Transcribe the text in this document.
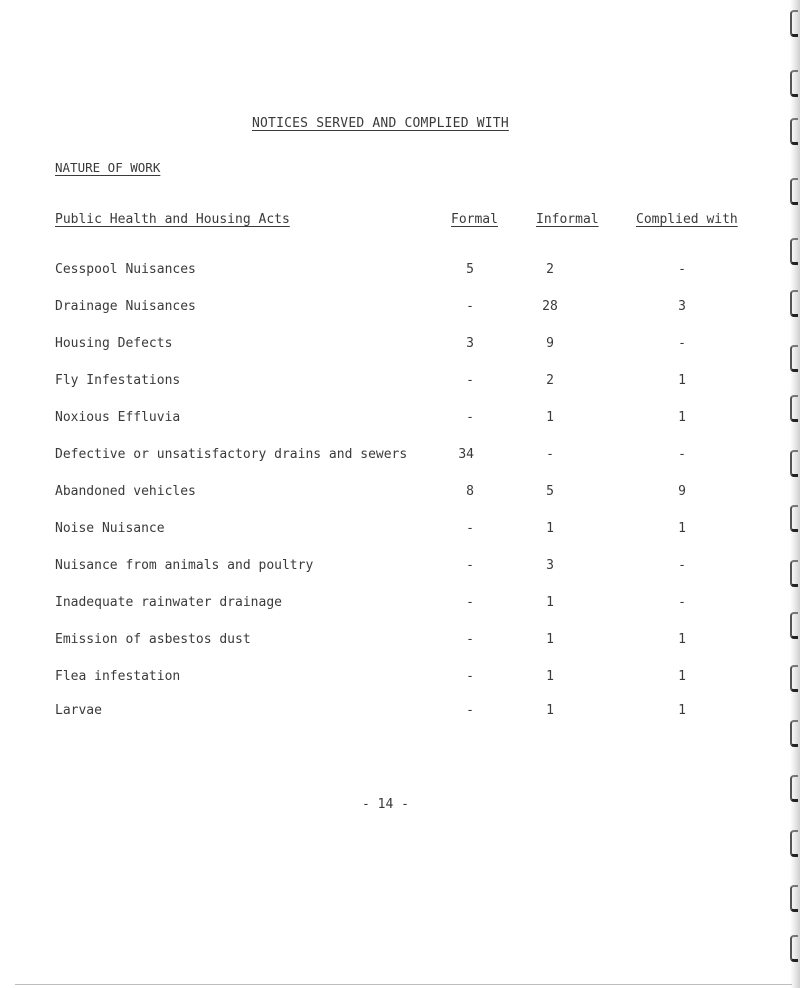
NOTICES SERVED AND COMPLIED WITH
NATURE OF WORK
Public Health and Housing Acts	Formal	Informal	Complied with
Cesspool Nuisances	5	2	-
Drainage Nuisances	-	28	3
Housing Defects	3	9	-
Fly Infestations	-	2	1
Noxious Effluvia	-	1	1
Defective or unsatisfactory drains and sewers	34	-	-
Abandoned vehicles	8	5	9
Noise Nuisance	-	1	1
Nuisance from animals and poultry	-	3	-
Inadequate rainwater drainage	-	1	-
Emission of asbestos dust	-	1	1
Flea infestation	-	1	1
Larvae	-	1	1
- 14 -
